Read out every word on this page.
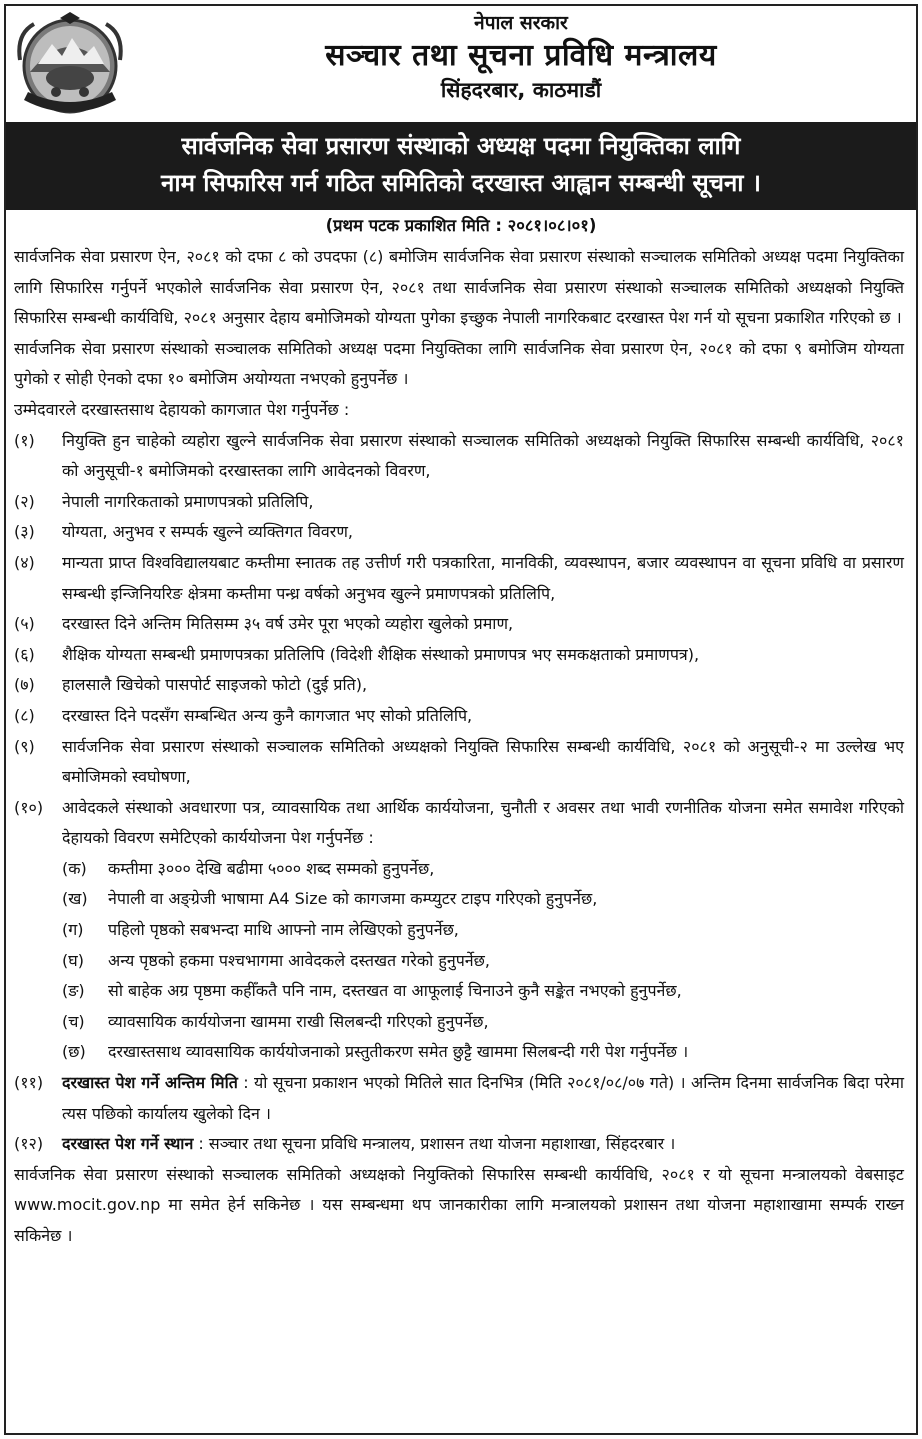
नेपाल सरकार
सञ्चार तथा सूचना प्रविधि मन्त्रालय
सिंहदरबार, काठमाडौं
सार्वजनिक सेवा प्रसारण संस्थाको अध्यक्ष पदमा नियुक्तिका लागि
नाम सिफारिस गर्न गठित समितिको दरखास्त आह्वान सम्बन्धी सूचना ।
(प्रथम पटक प्रकाशित मिति : २०८१।०८।०१)

सार्वजनिक सेवा प्रसारण ऐन, २०८१ को दफा ८ को उपदफा (८) बमोजिम सार्वजनिक सेवा प्रसारण संस्थाको सञ्चालक समितिको अध्यक्ष पदमा नियुक्तिका लागि सिफारिस गर्नुपर्ने भएकोले सार्वजनिक सेवा प्रसारण ऐन, २०८१ तथा सार्वजनिक सेवा प्रसारण संस्थाको सञ्चालक समितिको अध्यक्षको नियुक्ति सिफारिस सम्बन्धी कार्यविधि, २०८१ अनुसार देहाय बमोजिमको योग्यता पुगेका इच्छुक नेपाली नागरिकबाट दरखास्त पेश गर्न यो सूचना प्रकाशित गरिएको छ ।

सार्वजनिक सेवा प्रसारण संस्थाको सञ्चालक समितिको अध्यक्ष पदमा नियुक्तिका लागि सार्वजनिक सेवा प्रसारण ऐन, २०८१ को दफा ९ बमोजिम योग्यता पुगेको र सोही ऐनको दफा १० बमोजिम अयोग्यता नभएको हुनुपर्नेछ ।

उम्मेदवारले दरखास्तसाथ देहायको कागजात पेश गर्नुपर्नेछ :

(१)	नियुक्ति हुन चाहेको व्यहोरा खुल्ने सार्वजनिक सेवा प्रसारण संस्थाको सञ्चालक समितिको अध्यक्षको नियुक्ति सिफारिस सम्बन्धी कार्यविधि, २०८१ को अनुसूची-१ बमोजिमको दरखास्तका लागि आवेदनको विवरण,
(२)	नेपाली नागरिकताको प्रमाणपत्रको प्रतिलिपि,
(३)	योग्यता, अनुभव र सम्पर्क खुल्ने व्यक्तिगत विवरण,
(४)	मान्यता प्राप्त विश्वविद्यालयबाट कम्तीमा स्नातक तह उत्तीर्ण गरी पत्रकारिता, मानविकी, व्यवस्थापन, बजार व्यवस्थापन वा सूचना प्रविधि वा प्रसारण सम्बन्धी इन्जिनियरिङ क्षेत्रमा कम्तीमा पन्ध्र वर्षको अनुभव खुल्ने प्रमाणपत्रको प्रतिलिपि,
(५)	दरखास्त दिने अन्तिम मितिसम्म ३५ वर्ष उमेर पूरा भएको व्यहोरा खुलेको प्रमाण,
(६)	शैक्षिक योग्यता सम्बन्धी प्रमाणपत्रका प्रतिलिपि (विदेशी शैक्षिक संस्थाको प्रमाणपत्र भए समकक्षताको प्रमाणपत्र),
(७)	हालसालै खिचेको पासपोर्ट साइजको फोटो (दुई प्रति),
(८)	दरखास्त दिने पदसँग सम्बन्धित अन्य कुनै कागजात भए सोको प्रतिलिपि,
(९)	सार्वजनिक सेवा प्रसारण संस्थाको सञ्चालक समितिको अध्यक्षको नियुक्ति सिफारिस सम्बन्धी कार्यविधि, २०८१ को अनुसूची-२ मा उल्लेख भए बमोजिमको स्वघोषणा,
(१०)	आवेदकले संस्थाको अवधारणा पत्र, व्यावसायिक तथा आर्थिक कार्ययोजना, चुनौती र अवसर तथा भावी रणनीतिक योजना समेत समावेश गरिएको देहायको विवरण समेटिएको कार्ययोजना पेश गर्नुपर्नेछ :
(क)	कम्तीमा ३००० देखि बढीमा ५००० शब्द सम्मको हुनुपर्नेछ,
(ख)	नेपाली वा अङ्ग्रेजी भाषामा A4 Size को कागजमा कम्प्युटर टाइप गरिएको हुनुपर्नेछ,
(ग)	पहिलो पृष्ठको सबभन्दा माथि आफ्नो नाम लेखिएको हुनुपर्नेछ,
(घ)	अन्य पृष्ठको हकमा पश्चभागमा आवेदकले दस्तखत गरेको हुनुपर्नेछ,
(ङ)	सो बाहेक अग्र पृष्ठमा कहीँकतै पनि नाम, दस्तखत वा आफूलाई चिनाउने कुनै सङ्केत नभएको हुनुपर्नेछ,
(च)	व्यावसायिक कार्ययोजना खाममा राखी सिलबन्दी गरिएको हुनुपर्नेछ,
(छ)	दरखास्तसाथ व्यावसायिक कार्ययोजनाको प्रस्तुतीकरण समेत छुट्टै खाममा सिलबन्दी गरी पेश गर्नुपर्नेछ ।
(११)	दरखास्त पेश गर्ने अन्तिम मिति : यो सूचना प्रकाशन भएको मितिले सात दिनभित्र (मिति २०८१/०८/०७ गते) । अन्तिम दिनमा सार्वजनिक बिदा परेमा त्यस पछिको कार्यालय खुलेको दिन ।
(१२)	दरखास्त पेश गर्ने स्थान : सञ्चार तथा सूचना प्रविधि मन्त्रालय, प्रशासन तथा योजना महाशाखा, सिंहदरबार ।

सार्वजनिक सेवा प्रसारण संस्थाको सञ्चालक समितिको अध्यक्षको नियुक्तिको सिफारिस सम्बन्धी कार्यविधि, २०८१ र यो सूचना मन्त्रालयको वेबसाइट www.mocit.gov.np मा समेत हेर्न सकिनेछ । यस सम्बन्धमा थप जानकारीका लागि मन्त्रालयको प्रशासन तथा योजना महाशाखामा सम्पर्क राख्न सकिनेछ ।
